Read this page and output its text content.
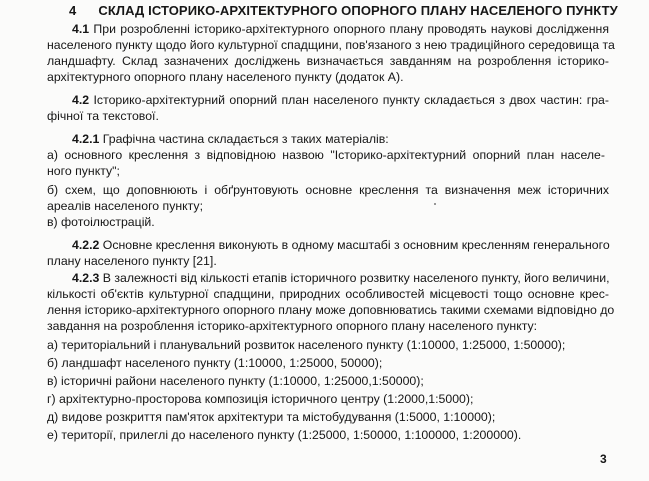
4 СКЛАД ІСТОРИКО-АРХІТЕКТУРНОГО ОПОРНОГО ПЛАНУ НАСЕЛЕНОГО ПУНКТУ
4.1 При розробленні історико-архітектурного опорного плану проводять наукові дослідження
населеного пункту щодо його культурної спадщини, пов'язаного з нею традиційного середовища та
ландшафту. Склад зазначених досліджень визначається завданням на розроблення історико-
архітектурного опорного плану населеного пункту (додаток А).
4.2 Історико-архітектурний опорний план населеного пункту складається з двох частин: гра-
фічної та текстової.
4.2.1 Графічна частина складається з таких матеріалів:
а) основного креслення з відповідною назвою "Історико-архітектурний опорний план населе-
ного пункту";
б) схем, що доповнюють і обґрунтовують основне креслення та визначення меж історичних
ареалів населеного пункту;
в) фотоілюстрацій.
4.2.2 Основне креслення виконують в одному масштабі з основним кресленням генерального
плану населеного пункту [21].
4.2.3 В залежності від кількості етапів історичного розвитку населеного пункту, його величини,
кількості об'єктів культурної спадщини, природних особливостей місцевості тощо основне крес-
лення історико-архітектурного опорного плану може доповнюватись такими схемами відповідно до
завдання на розроблення історико-архітектурного опорного плану населеного пункту:
а) територіальний і планувальний розвиток населеного пункту (1:10000, 1:25000, 1:50000);
б) ландшафт населеного пункту (1:10000, 1:25000, 50000);
в) історичні райони населеного пункту (1:10000, 1:25000,1:50000);
г) архітектурно-просторова композиція історичного центру (1:2000,1:5000);
д) видове розкриття пам'яток архітектури та містобудування (1:5000, 1:10000);
е) території, прилеглі до населеного пункту (1:25000, 1:50000, 1:100000, 1:200000).
3
